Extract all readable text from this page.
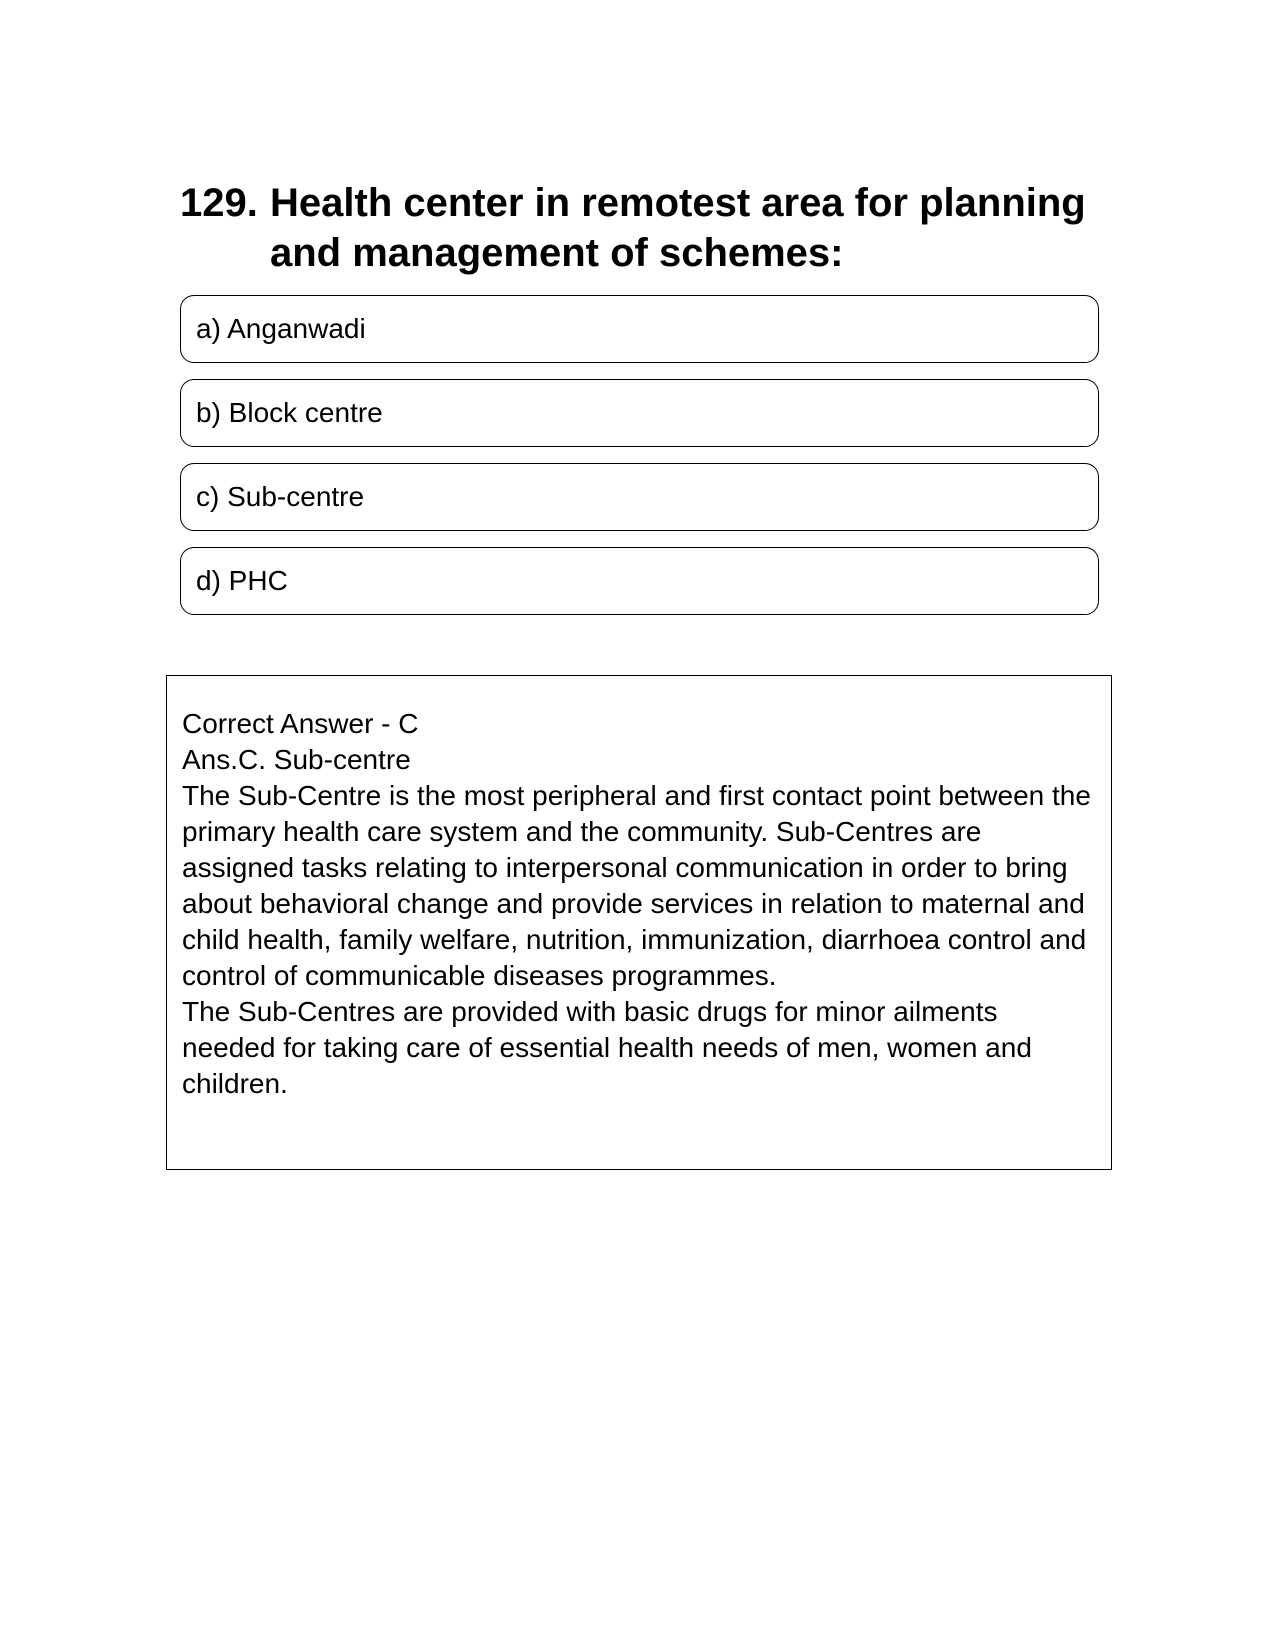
129. Health center in remotest area for planning and management of schemes:
a) Anganwadi
b) Block centre
c) Sub-centre
d) PHC

Correct Answer - C

Ans.C. Sub-centre

The Sub-Centre is the most peripheral and first contact point between the primary health care system and the community. Sub-Centres are assigned tasks relating to interpersonal communication in order to bring about behavioral change and provide services in relation to maternal and child health, family welfare, nutrition, immunization, diarrhoea control and control of communicable diseases programmes.

The Sub-Centres are provided with basic drugs for minor ailments needed for taking care of essential health needs of men, women and children.
